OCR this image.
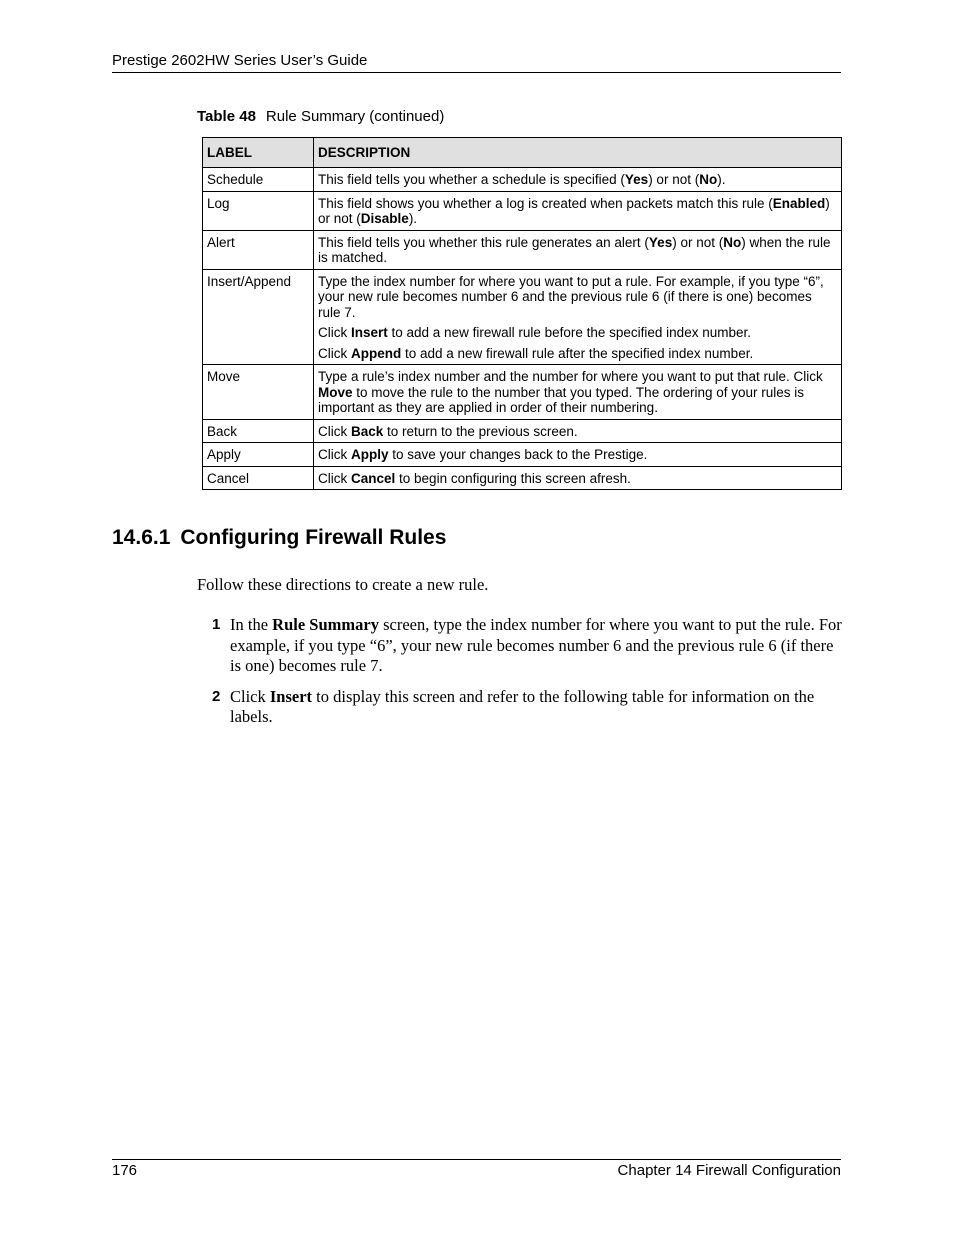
Prestige 2602HW Series User’s Guide
Table 48 Rule Summary (continued)
LABEL	DESCRIPTION
Schedule	This field tells you whether a schedule is specified (Yes) or not (No).

Log	This field shows you whether a log is created when packets match this rule (Enabled) or not (Disable).

Alert	This field tells you whether this rule generates an alert (Yes) or not (No) when the rule is matched.

Insert/Append	Type the index number for where you want to put a rule. For example, if you type “6”, your new rule becomes number 6 and the previous rule 6 (if there is one) becomes rule 7.

Click Insert to add a new firewall rule before the specified index number.

Click Append to add a new firewall rule after the specified index number.

Move	Type a rule’s index number and the number for where you want to put that rule. Click Move to move the rule to the number that you typed. The ordering of your rules is important as they are applied in order of their numbering.

Back	Click Back to return to the previous screen.

Apply	Click Apply to save your changes back to the Prestige.

Cancel	Click Cancel to begin configuring this screen afresh.

14.6.1 Configuring Firewall Rules
Follow these directions to create a new rule.
1 In the Rule Summary screen, type the index number for where you want to put the rule. For example, if you type “6”, your new rule becomes number 6 and the previous rule 6 (if there is one) becomes rule 7.
2 Click Insert to display this screen and refer to the following table for information on the labels.
176	Chapter 14 Firewall Configuration
